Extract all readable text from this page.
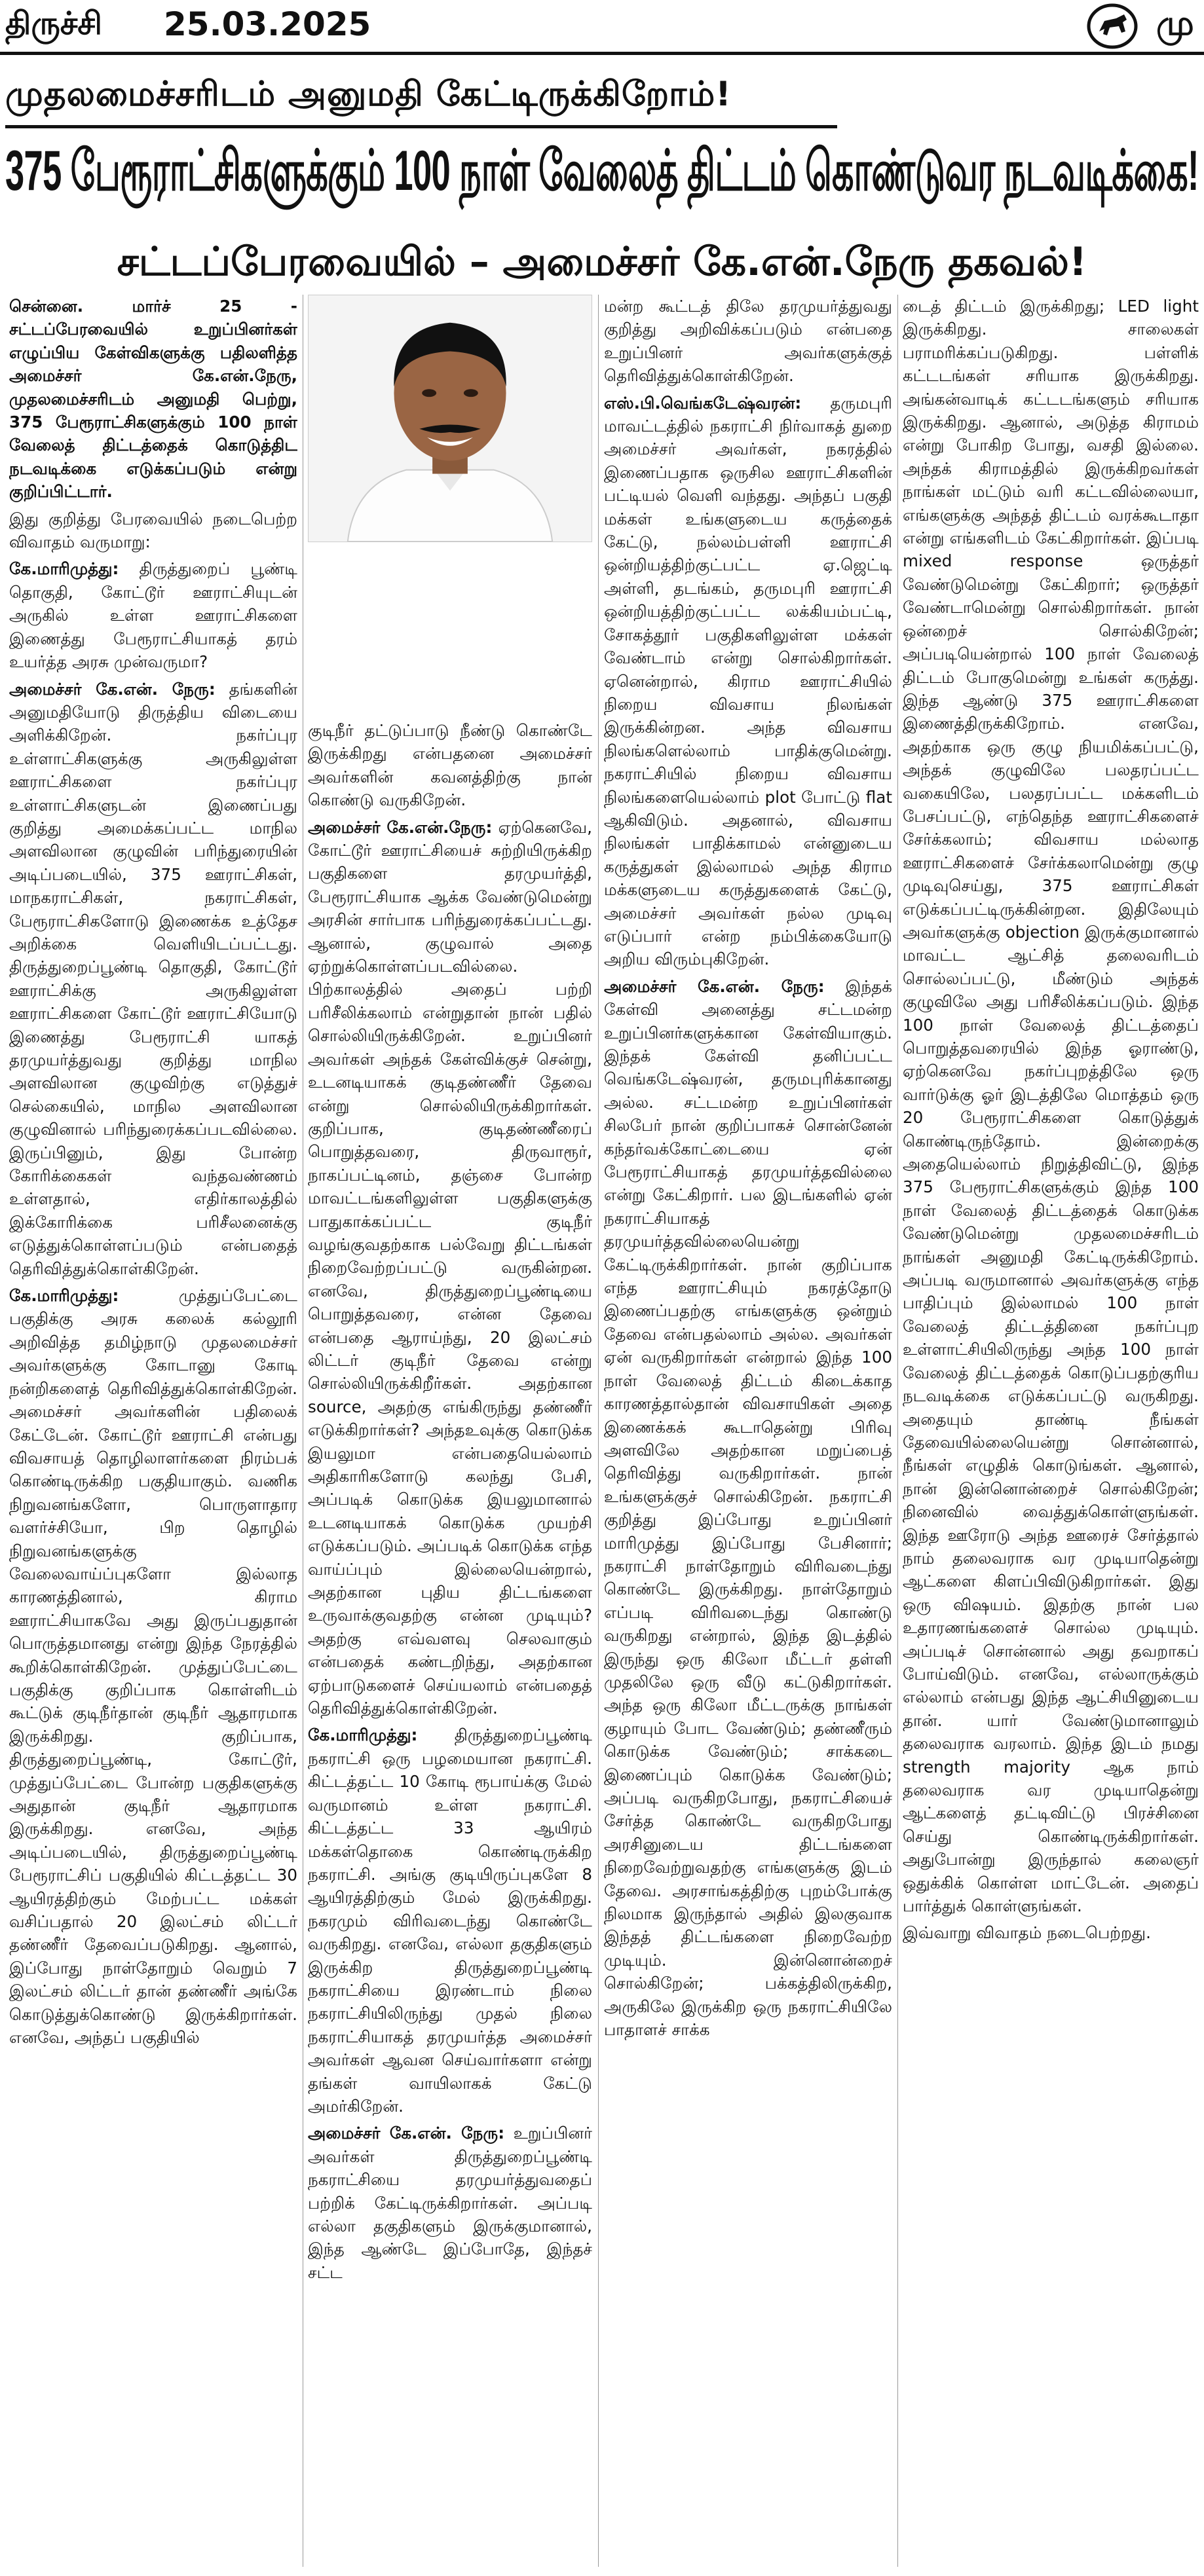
திருச்சி 25.03.2025	மு
முதலமைச்சரிடம் அனுமதி கேட்டிருக்கிறோம்!
375 பேரூராட்சிகளுக்கும் 100 நாள் வேலைத் திட்டம் கொண்டுவர நடவடிக்கை!
சட்டப்பேரவையில் – அமைச்சர் கே.என்.நேரு தகவல்!

சென்னை. மார்ச் 25 - சட்டப்பேரவையில் உறுப்பினர்கள் எழுப்பிய கேள்விகளுக்கு பதிலளித்த அமைச்சர் கே.என்.நேரு, முதலமைச்சரிடம் அனுமதி பெற்று, 375 பேரூராட்சிகளுக்கும் 100 நாள் வேலைத் திட்டத்தைக் கொடுத்திட நடவடிக்கை எடுக்கப்படும் என்று குறிப்பிட்டார்.

இது குறித்து பேரவையில் நடைபெற்ற விவாதம் வருமாறு:

கே.மாரிமுத்து: திருத்துறைப் பூண்டி தொகுதி, கோட்டூர் ஊராட்சியுடன் அருகில் உள்ள ஊராட்சிகளை இணைத்து பேரூராட்சியாகத் தரம் உயர்த்த அரசு முன்வருமா?

அமைச்சர் கே.என். நேரு: தங்களின் அனுமதியோடு திருத்திய விடையை அளிக்கிறேன். நகர்ப்புர உள்ளாட்சிகளுக்கு அருகிலுள்ள ஊராட்சிகளை நகர்ப்புர உள்ளாட்சிகளுடன் இணைப்பது குறித்து அமைக்கப்பட்ட மாநில அளவிலான குழுவின் பரிந்துரையின் அடிப்படையில், 375 ஊராட்சிகள், மாநகராட்சிகள், நகராட்சிகள், பேரூராட்சிகளோடு இணைக்க உத்தேச அறிக்கை வெளியிடப்பட்டது. திருத்துறைப்பூண்டி தொகுதி, கோட்டூர் ஊராட்சிக்கு அருகிலுள்ள ஊராட்சிகளை கோட்டூர் ஊராட்சியோடு இணைத்து பேரூராட்சி யாகத் தரமுயர்த்துவது குறித்து மாநில அளவிலான குழுவிற்கு எடுத்துச் செல்கையில், மாநில அளவிலான குழுவினால் பரிந்துரைக்கப்படவில்லை. இருப்பினும், இது போன்ற கோரிக்கைகள் வந்தவண்ணம் உள்ளதால், எதிர்காலத்தில் இக்கோரிக்கை பரிசீலனைக்கு எடுத்துக்கொள்ளப்படும் என்பதைத் தெரிவித்துக்கொள்கிறேன்.

கே.மாரிமுத்து:	முத்துப்பேட்டை பகுதிக்கு அரசு கலைக் கல்லூரி அறிவித்த தமிழ்நாடு முதலமைச்சர் அவர்களுக்கு கோடானு கோடி நன்றிகளைத் தெரிவித்துக்கொள்கிறேன். அமைச்சர் அவர்களின் பதிலைக் கேட்டேன். கோட்டூர் ஊராட்சி என்பது விவசாயத் தொழிலாளர்களை நிரம்பக் கொண்டிருக்கிற பகுதியாகும். வணிக நிறுவனங்களோ, பொருளாதார வளர்ச்சியோ, பிற தொழில் நிறுவனங்களுக்கு வேலைவாய்ப்புகளோ இல்லாத காரணத்தினால், கிராம ஊராட்சியாகவே அது இருப்பதுதான் பொருத்தமானது என்று இந்த நேரத்தில் கூறிக்கொள்கிறேன். முத்துப்பேட்டை பகுதிக்கு குறிப்பாக கொள்ளிடம் கூட்டுக் குடிநீர்தான் குடிநீர் ஆதாரமாக இருக்கிறது. குறிப்பாக, திருத்துறைப்பூண்டி, கோட்டூர், முத்துப்பேட்டை போன்ற பகுதிகளுக்கு அதுதான் குடிநீர் ஆதாரமாக இருக்கிறது. எனவே, அந்த அடிப்படையில், திருத்துறைப்பூண்டி பேரூராட்சிப் பகுதியில் கிட்டத்தட்ட 30 ஆயிரத்திற்கும் மேற்பட்ட மக்கள் வசிப்பதால் 20 இலட்சம் லிட்டர் தண்ணீர் தேவைப்படுகிறது. ஆனால், இப்போது நாள்தோறும் வெறும் 7 இலட்சம் லிட்டர் தான் தண்ணீர் அங்கே கொடுத்துக்கொண்டு இருக்கிறார்கள். எனவே, அந்தப் பகுதியில்

குடிநீர் தட்டுப்பாடு நீண்டு கொண்டே இருக்கிறது என்பதனை அமைச்சர் அவர்களின் கவனத்திற்கு நான் கொண்டு வருகிறேன்.

அமைச்சர் கே.என்.நேரு: ஏற்கெனவே, கோட்டூர் ஊராட்சியைச் சுற்றியிருக்கிற பகுதிகளை தரமுயர்த்தி, பேரூராட்சியாக ஆக்க வேண்டுமென்று அரசின் சார்பாக பரிந்துரைக்கப்பட்டது. ஆனால், குழுவால் அதை ஏற்றுக்கொள்ளப்படவில்லை. பிற்காலத்தில் அதைப் பற்றி பரிசீலிக்கலாம் என்றுதான் நான் பதில் சொல்லியிருக்கிறேன். உறுப்பினர் அவர்கள் அந்தக் கேள்விக்குச் சென்று, உடனடியாகக் குடிதண்ணீர் தேவை என்று சொல்லியிருக்கிறார்கள். குறிப்பாக, குடிதண்ணீரைப் பொறுத்தவரை, திருவாரூர், நாகப்பட்டினம், தஞ்சை போன்ற மாவட்டங்களிலுள்ள பகுதிகளுக்கு பாதுகாக்கப்பட்ட குடிநீர் வழங்குவதற்காக பல்வேறு திட்டங்கள் நிறைவேற்றப்பட்டு வருகின்றன. எனவே, திருத்துறைப்பூண்டியை பொறுத்தவரை, என்ன தேவை என்பதை ஆராய்ந்து, 20 இலட்சம் லிட்டர் குடிநீர் தேவை என்று சொல்லியிருக்கிறீர்கள். அதற்கான source, அதற்கு எங்கிருந்து தண்ணீர் எடுக்கிறார்கள்? அந்தஉவுக்கு கொடுக்க இயலுமா என்பதையெல்லாம் அதிகாரிகளோடு கலந்து பேசி, அப்படிக் கொடுக்க இயலுமானால் உடனடியாகக் கொடுக்க முயற்சி எடுக்கப்படும். அப்படிக் கொடுக்க எந்த வாய்ப்பும் இல்லையென்றால், அதற்கான புதிய திட்டங்களை உருவாக்குவதற்கு என்ன முடியும்? அதற்கு எவ்வளவு செலவாகும் என்பதைக் கண்டறிந்து, அதற்கான ஏற்பாடுகளைச் செய்யலாம் என்பதைத் தெரிவித்துக்கொள்கிறேன்.

கே.மாரிமுத்து: திருத்துறைப்பூண்டி நகராட்சி ஒரு பழமையான நகராட்சி. கிட்டத்தட்ட 10 கோடி ரூபாய்க்கு மேல் வருமானம் உள்ள நகராட்சி. கிட்டத்தட்ட 33 ஆயிரம் மக்கள்தொகை கொண்டிருக்கிற நகராட்சி. அங்கு குடியிருப்புகளே 8 ஆயிரத்திற்கும் மேல் இருக்கிறது. நகரமும் விரிவடைந்து கொண்டே வருகிறது. எனவே, எல்லா தகுதிகளும் இருக்கிற திருத்துறைப்பூண்டி நகராட்சியை இரண்டாம் நிலை நகராட்சியிலிருந்து முதல் நிலை நகராட்சியாகத் தரமுயர்த்த அமைச்சர் அவர்கள் ஆவன செய்வார்களா என்று தங்கள் வாயிலாகக் கேட்டு அமர்கிறேன்.

அமைச்சர் கே.என். நேரு: உறுப்பினர் அவர்கள் திருத்துறைப்பூண்டி நகராட்சியை தரமுயர்த்துவதைப் பற்றிக் கேட்டிருக்கிறார்கள். அப்படி எல்லா தகுதிகளும் இருக்குமானால், இந்த ஆண்டே இப்போதே, இந்தச் சட்ட

மன்ற கூட்டத் திலே தரமுயர்த்துவது குறித்து அறிவிக்கப்படும் என்பதை உறுப்பினர் அவர்களுக்குத் தெரிவித்துக்கொள்கிறேன்.

எஸ்.பி.வெங்கடேஷ்வரன்: தருமபுரி மாவட்டத்தில் நகராட்சி நிர்வாகத் துறை அமைச்சர் அவர்கள், நகரத்தில் இணைப்பதாக ஒருசில ஊராட்சிகளின் பட்டியல் வெளி வந்தது. அந்தப் பகுதி மக்கள் உங்களுடைய கருத்தைக் கேட்டு, நல்லம்பள்ளி ஊராட்சி ஒன்றியத்திற்குட்பட்ட ஏ.ஜெட்டி அள்ளி, தடங்கம், தருமபுரி ஊராட்சி ஒன்றியத்திற்குட்பட்ட லக்கியம்பட்டி, சோகத்தூர் பகுதிகளிலுள்ள மக்கள் வேண்டாம் என்று சொல்கிறார்கள். ஏனென்றால், கிராம ஊராட்சியில் நிறைய விவசாய நிலங்கள் இருக்கின்றன. அந்த விவசாய நிலங்களெல்லாம் பாதிக்குமென்று. நகராட்சியில் நிறைய விவசாய நிலங்களையெல்லாம் plot போட்டு flat ஆகிவிடும். அதனால், விவசாய நிலங்கள் பாதிக்காமல் என்னுடைய கருத்துகள் இல்லாமல் அந்த கிராம மக்களுடைய கருத்துகளைக் கேட்டு, அமைச்சர் அவர்கள் நல்ல முடிவு எடுப்பார் என்ற நம்பிக்கையோடு அறிய விரும்புகிறேன்.

அமைச்சர் கே.என். நேரு: இந்தக் கேள்வி அனைத்து சட்டமன்ற உறுப்பினர்களுக்கான கேள்வியாகும். இந்தக் கேள்வி தனிப்பட்ட வெங்கடேஷ்வரன், தருமபுரிக்கானது அல்ல. சட்டமன்ற உறுப்பினர்கள் சிலபேர் நான் குறிப்பாகச் சொன்னேன் கந்தர்வக்கோட்டையை ஏன் பேரூராட்சியாகத் தரமுயர்த்தவில்லை என்று கேட்கிறார். பல இடங்களில் ஏன் நகராட்சியாகத் தரமுயர்த்தவில்லையென்று கேட்டிருக்கிறார்கள். நான் குறிப்பாக எந்த ஊராட்சியும் நகரத்தோடு இணைப்பதற்கு எங்களுக்கு ஒன்றும் தேவை என்பதல்லாம் அல்ல. அவர்கள் ஏன் வருகிறார்கள் என்றால் இந்த 100 நாள் வேலைத் திட்டம் கிடைக்காத காரணத்தால்தான் விவசாயிகள் அதை இணைக்கக் கூடாதென்று பிரிவு அளவிலே அதற்கான மறுப்பைத் தெரிவித்து வருகிறார்கள். நான் உங்களுக்குச் சொல்கிறேன். நகராட்சி குறித்து இப்போது உறுப்பினர் மாரிமுத்து இப்போது பேசினார்; நகராட்சி நாள்தோறும் விரிவடைந்து கொண்டே இருக்கிறது. நாள்தோறும் எப்படி விரிவடைந்து கொண்டு வருகிறது என்றால், இந்த இடத்தில் இருந்து ஒரு கிலோ மீட்டர் தள்ளி முதலிலே ஒரு வீடு கட்டுகிறார்கள். அந்த ஒரு கிலோ மீட்டருக்கு நாங்கள் குழாயும் போட வேண்டும்; தண்ணீரும் கொடுக்க வேண்டும்; சாக்கடை இணைப்பும் கொடுக்க வேண்டும்; அப்படி வருகிறபோது, நகராட்சியைச் சேர்த்த கொண்டே வருகிறபோது அரசினுடைய திட்டங்களை நிறைவேற்றுவதற்கு எங்களுக்கு இடம் தேவை. அரசாங்கத்திற்கு புறம்போக்கு நிலமாக இருந்தால் அதில் இலகுவாக இந்தத் திட்டங்களை நிறைவேற்ற முடியும். இன்னொன்றைச் சொல்கிறேன்; பக்கத்திலிருக்கிற, அருகிலே இருக்கிற ஒரு நகராட்சியிலே பாதாளச் சாக்க

டைத் திட்டம் இருக்கிறது; LED light இருக்கிறது. சாலைகள் பராமரிக்கப்படுகிறது. பள்ளிக் கட்டடங்கள் சரியாக இருக்கிறது. அங்கன்வாடிக் கட்டடங்களும் சரியாக இருக்கிறது. ஆனால், அடுத்த கிராமம் என்று போகிற போது, வசதி இல்லை. அந்தக் கிராமத்தில் இருக்கிறவர்கள் நாங்கள் மட்டும் வரி கட்டவில்லையா, எங்களுக்கு அந்தத் திட்டம் வரக்கூடாதா என்று எங்களிடம் கேட்கிறார்கள். இப்படி mixed response ஒருத்தர் வேண்டுமென்று கேட்கிறார்; ஒருத்தர் வேண்டாமென்று சொல்கிறார்கள். நான் ஒன்றைச் சொல்கிறேன்; அப்படியென்றால் 100 நாள் வேலைத் திட்டம் போகுமென்று உங்கள் கருத்து. இந்த ஆண்டு 375 ஊராட்சிகளை இணைத்திருக்கிறோம். எனவே, அதற்காக ஒரு குழு நியமிக்கப்பட்டு, அந்தக் குழுவிலே பலதரப்பட்ட வகையிலே, பலதரப்பட்ட மக்களிடம் பேசப்பட்டு, எந்தெந்த ஊராட்சிகளைச் சேர்க்கலாம்; விவசாய மல்லாத ஊராட்சிகளைச் சேர்க்கலாமென்று குழு முடிவுசெய்து, 375 ஊராட்சிகள் எடுக்கப்பட்டிருக்கின்றன. இதிலேயும் அவர்களுக்கு objection இருக்குமானால் மாவட்ட ஆட்சித் தலைவரிடம் சொல்லப்பட்டு, மீண்டும் அந்தக் குழுவிலே அது பரிசீலிக்கப்படும். இந்த 100 நாள் வேலைத் திட்டத்தைப் பொறுத்தவரையில் இந்த ஓராண்டு, ஏற்கெனவே நகர்ப்புறத்திலே ஒரு வார்டுக்கு ஓர் இடத்திலே மொத்தம் ஒரு 20 பேரூராட்சிகளை கொடுத்துக் கொண்டிருந்தோம். இன்றைக்கு அதையெல்லாம் நிறுத்திவிட்டு, இந்த 375 பேரூராட்சிகளுக்கும் இந்த 100 நாள் வேலைத் திட்டத்தைக் கொடுக்க வேண்டுமென்று முதலமைச்சரிடம் நாங்கள் அனுமதி கேட்டிருக்கிறோம். அப்படி வருமானால் அவர்களுக்கு எந்த பாதிப்பும் இல்லாமல் 100 நாள் வேலைத் திட்டத்தினை நகர்ப்புற உள்ளாட்சியிலிருந்து அந்த 100 நாள் வேலைத் திட்டத்தைக் கொடுப்பதற்குரிய நடவடிக்கை எடுக்கப்பட்டு வருகிறது. அதையும் தாண்டி நீங்கள் தேவையில்லையென்று சொன்னால், நீங்கள் எழுதிக் கொடுங்கள். ஆனால், நான் இன்னொன்றைச் சொல்கிறேன்; நினைவில் வைத்துக்கொள்ளுங்கள். இந்த ஊரோடு அந்த ஊரைச் சேர்த்தால் நாம் தலைவராக வர முடியாதென்று ஆட்களை கிளப்பிவிடுகிறார்கள். இது ஒரு விஷயம். இதற்கு நான் பல உதாரணங்களைச் சொல்ல முடியும். அப்படிச் சொன்னால் அது தவறாகப் போய்விடும். எனவே, எல்லாருக்கும் எல்லாம் என்பது இந்த ஆட்சியினுடைய தான். யார் வேண்டுமானாலும் தலைவராக வரலாம். இந்த இடம் நமது strength majority ஆக நாம் தலைவராக வர முடியாதென்று ஆட்களைத் தட்டிவிட்டு பிரச்சினை செய்து கொண்டிருக்கிறார்கள். அதுபோன்று இருந்தால் கலைஞர் ஒதுக்கிக் கொள்ள மாட்டேன். அதைப் பார்த்துக் கொள்ளுங்கள்.

இவ்வாறு விவாதம் நடைபெற்றது.
